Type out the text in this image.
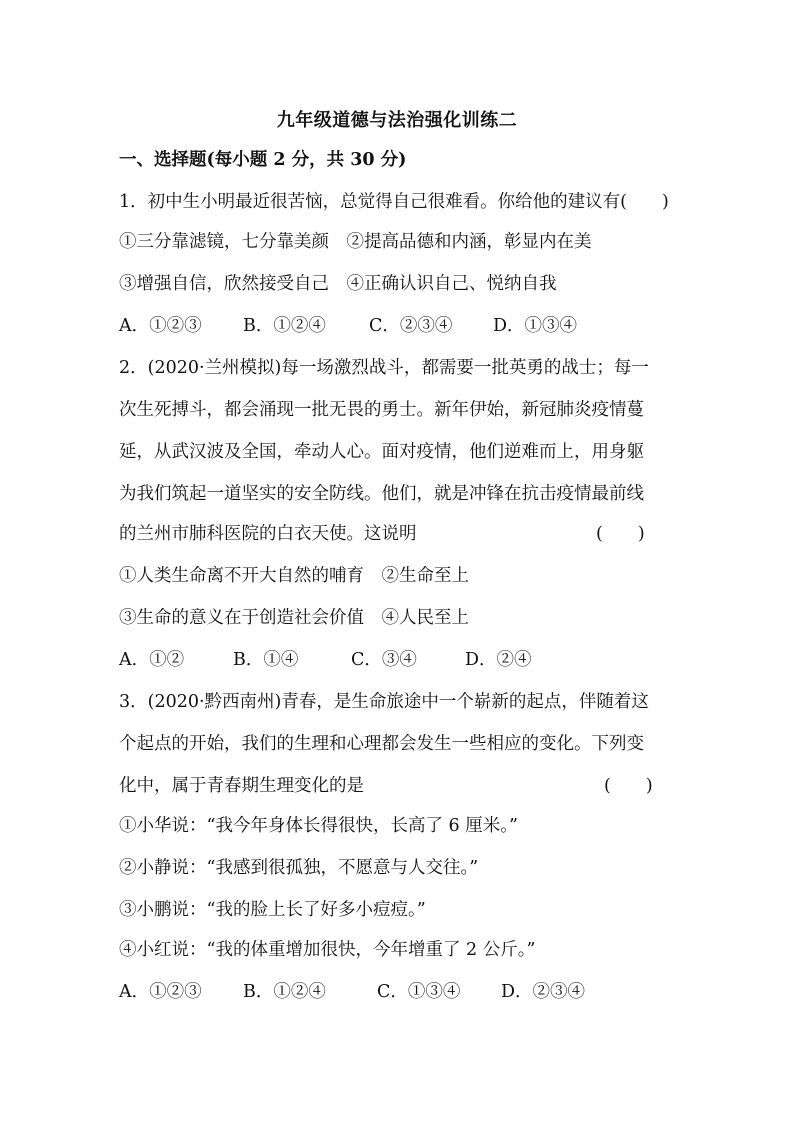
九年级道德与法治强化训练二
一、选择题(每小题 2 分，共 30 分)
1．初中生小明最近很苦恼，总觉得自己很难看。你给他的建议有(　　)
①三分靠滤镜，七分靠美颜　②提高品德和内涵，彰显内在美
③增强自信，欣然接受自己　④正确认识自己、悦纳自我
A．①②③ B．①②④ C．②③④ D．①③④
2．(2020·兰州模拟)每一场激烈战斗，都需要一批英勇的战士；每一
次生死搏斗，都会涌现一批无畏的勇士。新年伊始，新冠肺炎疫情蔓
延，从武汉波及全国，牵动人心。面对疫情，他们逆难而上，用身躯
为我们筑起一道坚实的安全防线。他们，就是冲锋在抗击疫情最前线
的兰州市肺科医院的白衣天使。这说明	(　　)
①人类生命离不开大自然的哺育　②生命至上
③生命的意义在于创造社会价值　④人民至上
A．①②	B．①④	C．③④	D．②④
3．(2020·黔西南州)青春，是生命旅途中一个崭新的起点，伴随着这
个起点的开始，我们的生理和心理都会发生一些相应的变化。下列变
化中，属于青春期生理变化的是	(　　)
①小华说：“我今年身体长得很快，长高了 6 厘米。”
②小静说：“我感到很孤独，不愿意与人交往。”
③小鹏说：“我的脸上长了好多小痘痘。”
④小红说：“我的体重增加很快，今年增重了 2 公斤。”
A．①②③ B．①②④	C．①③④ D．②③④
